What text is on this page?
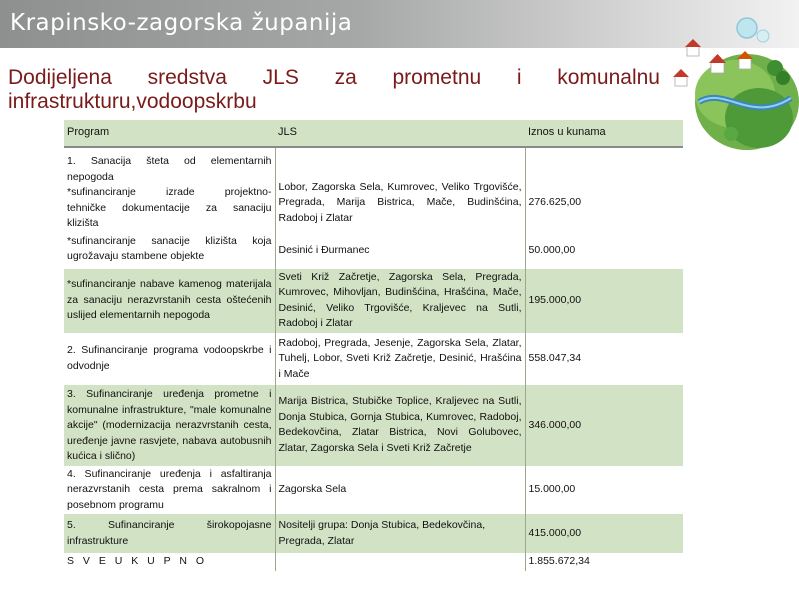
Krapinsko-zagorska županija
Dodijeljena sredstva JLS za prometnu i komunalnu
infrastrukturu,vodoopskrbu
Program	JLS	Iznos u kunama

1. Sanacija šteta od elementarnih
nepogoda
*sufinanciranje izrade projektno-
tehničke dokumentacije za sanaciju
klizišta	Lobor, Zagorska Sela, Kumrovec, Veliko Trgovišće, Pregrada, Marija Bistrica, Mače, Budinšćina, Radoboj i Zlatar	276.625,00

*sufinanciranje sanacije klizišta koja ugrožavaju stambene objekte	Desinić i Đurmanec	50.000,00

*sufinanciranje nabave kamenog materijala za sanaciju nerazvrstanih cesta oštećenih uslijed elementarnih nepogoda	Sveti Križ Začretje, Zagorska Sela, Pregrada, Kumrovec, Mihovljan, Budinšćina, Hrašćina, Mače, Desinić, Veliko Trgovišće, Kraljevec na Sutli, Radoboj i Zlatar	195.000,00

2. Sufinanciranje programa vodoopskrbe i odvodnje	Radoboj, Pregrada, Jesenje, Zagorska Sela, Zlatar, Tuhelj, Lobor, Sveti Križ Začretje, Desinić, Hrašćina i Mače	558.047,34

3. Sufinanciranje uređenja prometne i komunalne infrastrukture, "male komunalne akcije" (modernizacija nerazvrstanih cesta, uređenje javne rasvjete, nabava autobusnih kućica i slično)	Marija Bistrica, Stubičke Toplice, Kraljevec na Sutli, Donja Stubica, Gornja Stubica, Kumrovec, Radoboj, Bedekovčina, Zlatar Bistrica, Novi Golubovec, Zlatar, Zagorska Sela i Sveti Križ Začretje	346.000,00

4. Sufinanciranje uređenja i asfaltiranja nerazvrstanih cesta prema sakralnom i posebnom programu	Zagorska Sela	15.000,00

5. Sufinanciranje širokopojasne infrastrukture	Nositelji grupa: Donja Stubica, Bedekovčina, Pregrada, Zlatar	415.000,00
S V E U K U P N O		1.855.672,34
